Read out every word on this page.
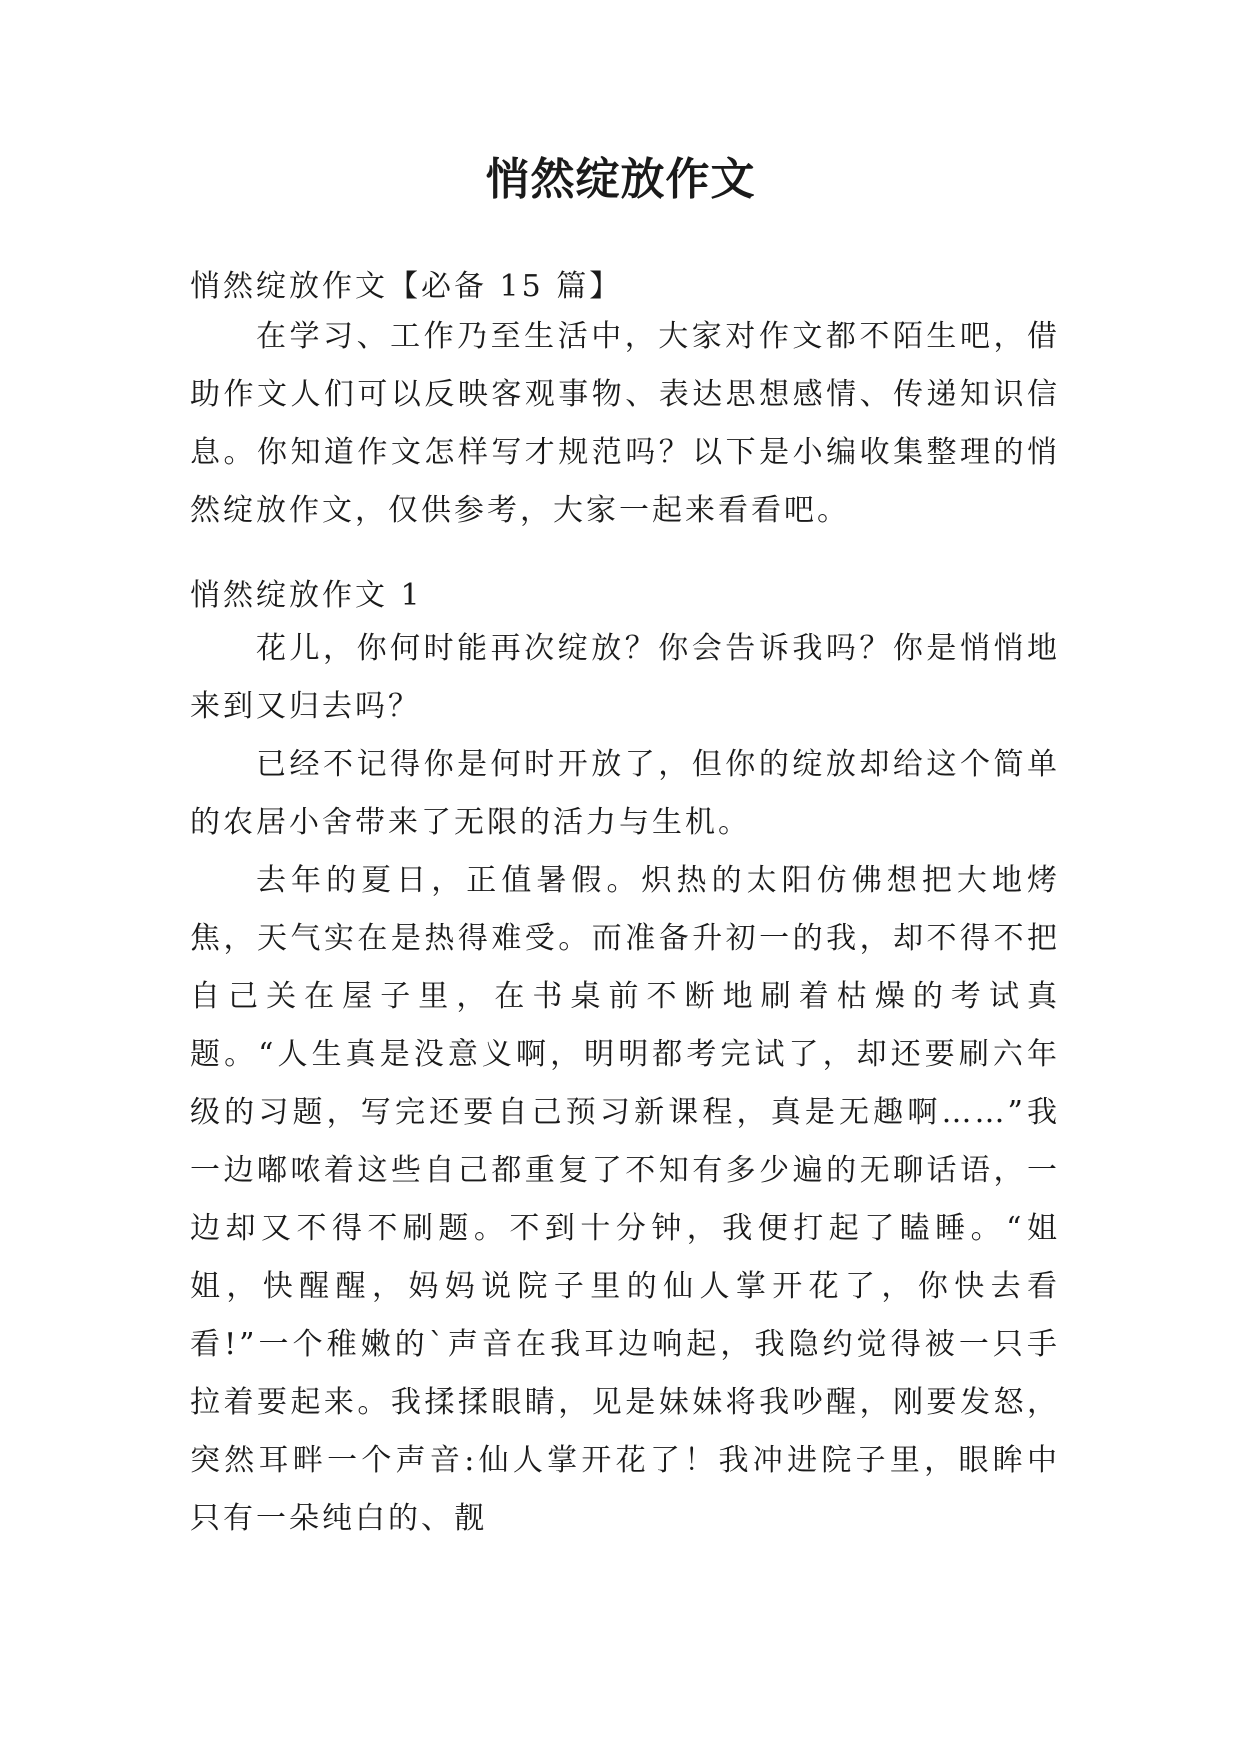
悄然绽放作文

悄然绽放作文【必备 15 篇】

在学习、工作乃至生活中，大家对作文都不陌生吧，借助作文人们可以反映客观事物、表达思想感情、传递知识信息。你知道作文怎样写才规范吗？以下是小编收集整理的悄然绽放作文，仅供参考，大家一起来看看吧。

悄然绽放作文 1

花儿，你何时能再次绽放？你会告诉我吗？你是悄悄地来到又归去吗？

已经不记得你是何时开放了，但你的绽放却给这个简单的农居小舍带来了无限的活力与生机。

去年的夏日，正值暑假。炽热的太阳仿佛想把大地烤焦，天气实在是热得难受。而准备升初一的我，却不得不把自己关在屋子里，在书桌前不断地刷着枯燥的考试真题。“人生真是没意义啊，明明都考完试了，却还要刷六年级的习题，写完还要自己预习新课程，真是无趣啊……”我一边嘟哝着这些自己都重复了不知有多少遍的无聊话语，一边却又不得不刷题。不到十分钟，我便打起了瞌睡。“姐姐，快醒醒，妈妈说院子里的仙人掌开花了，你快去看看!”一个稚嫩的`声音在我耳边响起，我隐约觉得被一只手拉着要起来。我揉揉眼睛，见是妹妹将我吵醒，刚要发怒，突然耳畔一个声音:仙人掌开花了！我冲进院子里，眼眸中只有一朵纯白的、靓
